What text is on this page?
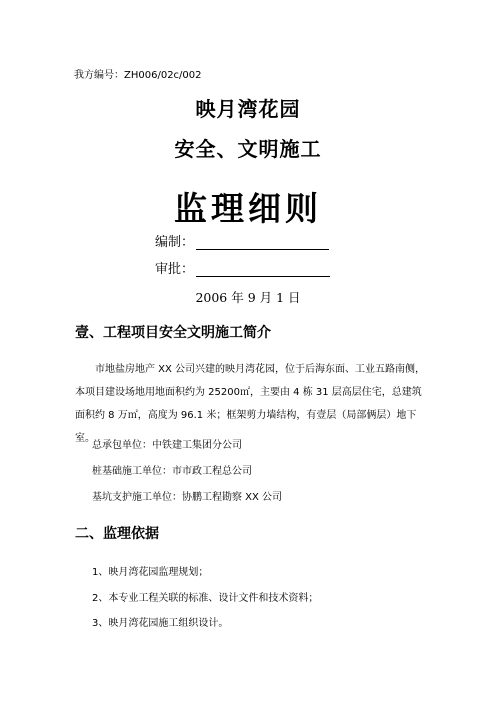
我方编号：ZH006/02c/002
映月湾花园
安全、文明施工
监理细则
编制：
审批：
2006 年 9 月 1 日
壹、工程项目安全文明施工简介
市地盐房地产 XX 公司兴建的映月湾花园，位于后海东面、工业五路南侧，本项目建设场地用地面积约为 25200㎡，主要由 4 栋 31 层高层住宅，总建筑面积约 8 万㎡，高度为 96.1 米；框架剪力墙结构，有壹层（局部俩层）地下室。
总承包单位：中铁建工集团分公司
桩基础施工单位：市市政工程总公司
基坑支护施工单位：协鹏工程勘察 XX 公司
二、监理依据
1、映月湾花园监理规划；
2、本专业工程关联的标准、设计文件和技术资料；
3、映月湾花园施工组织设计。
